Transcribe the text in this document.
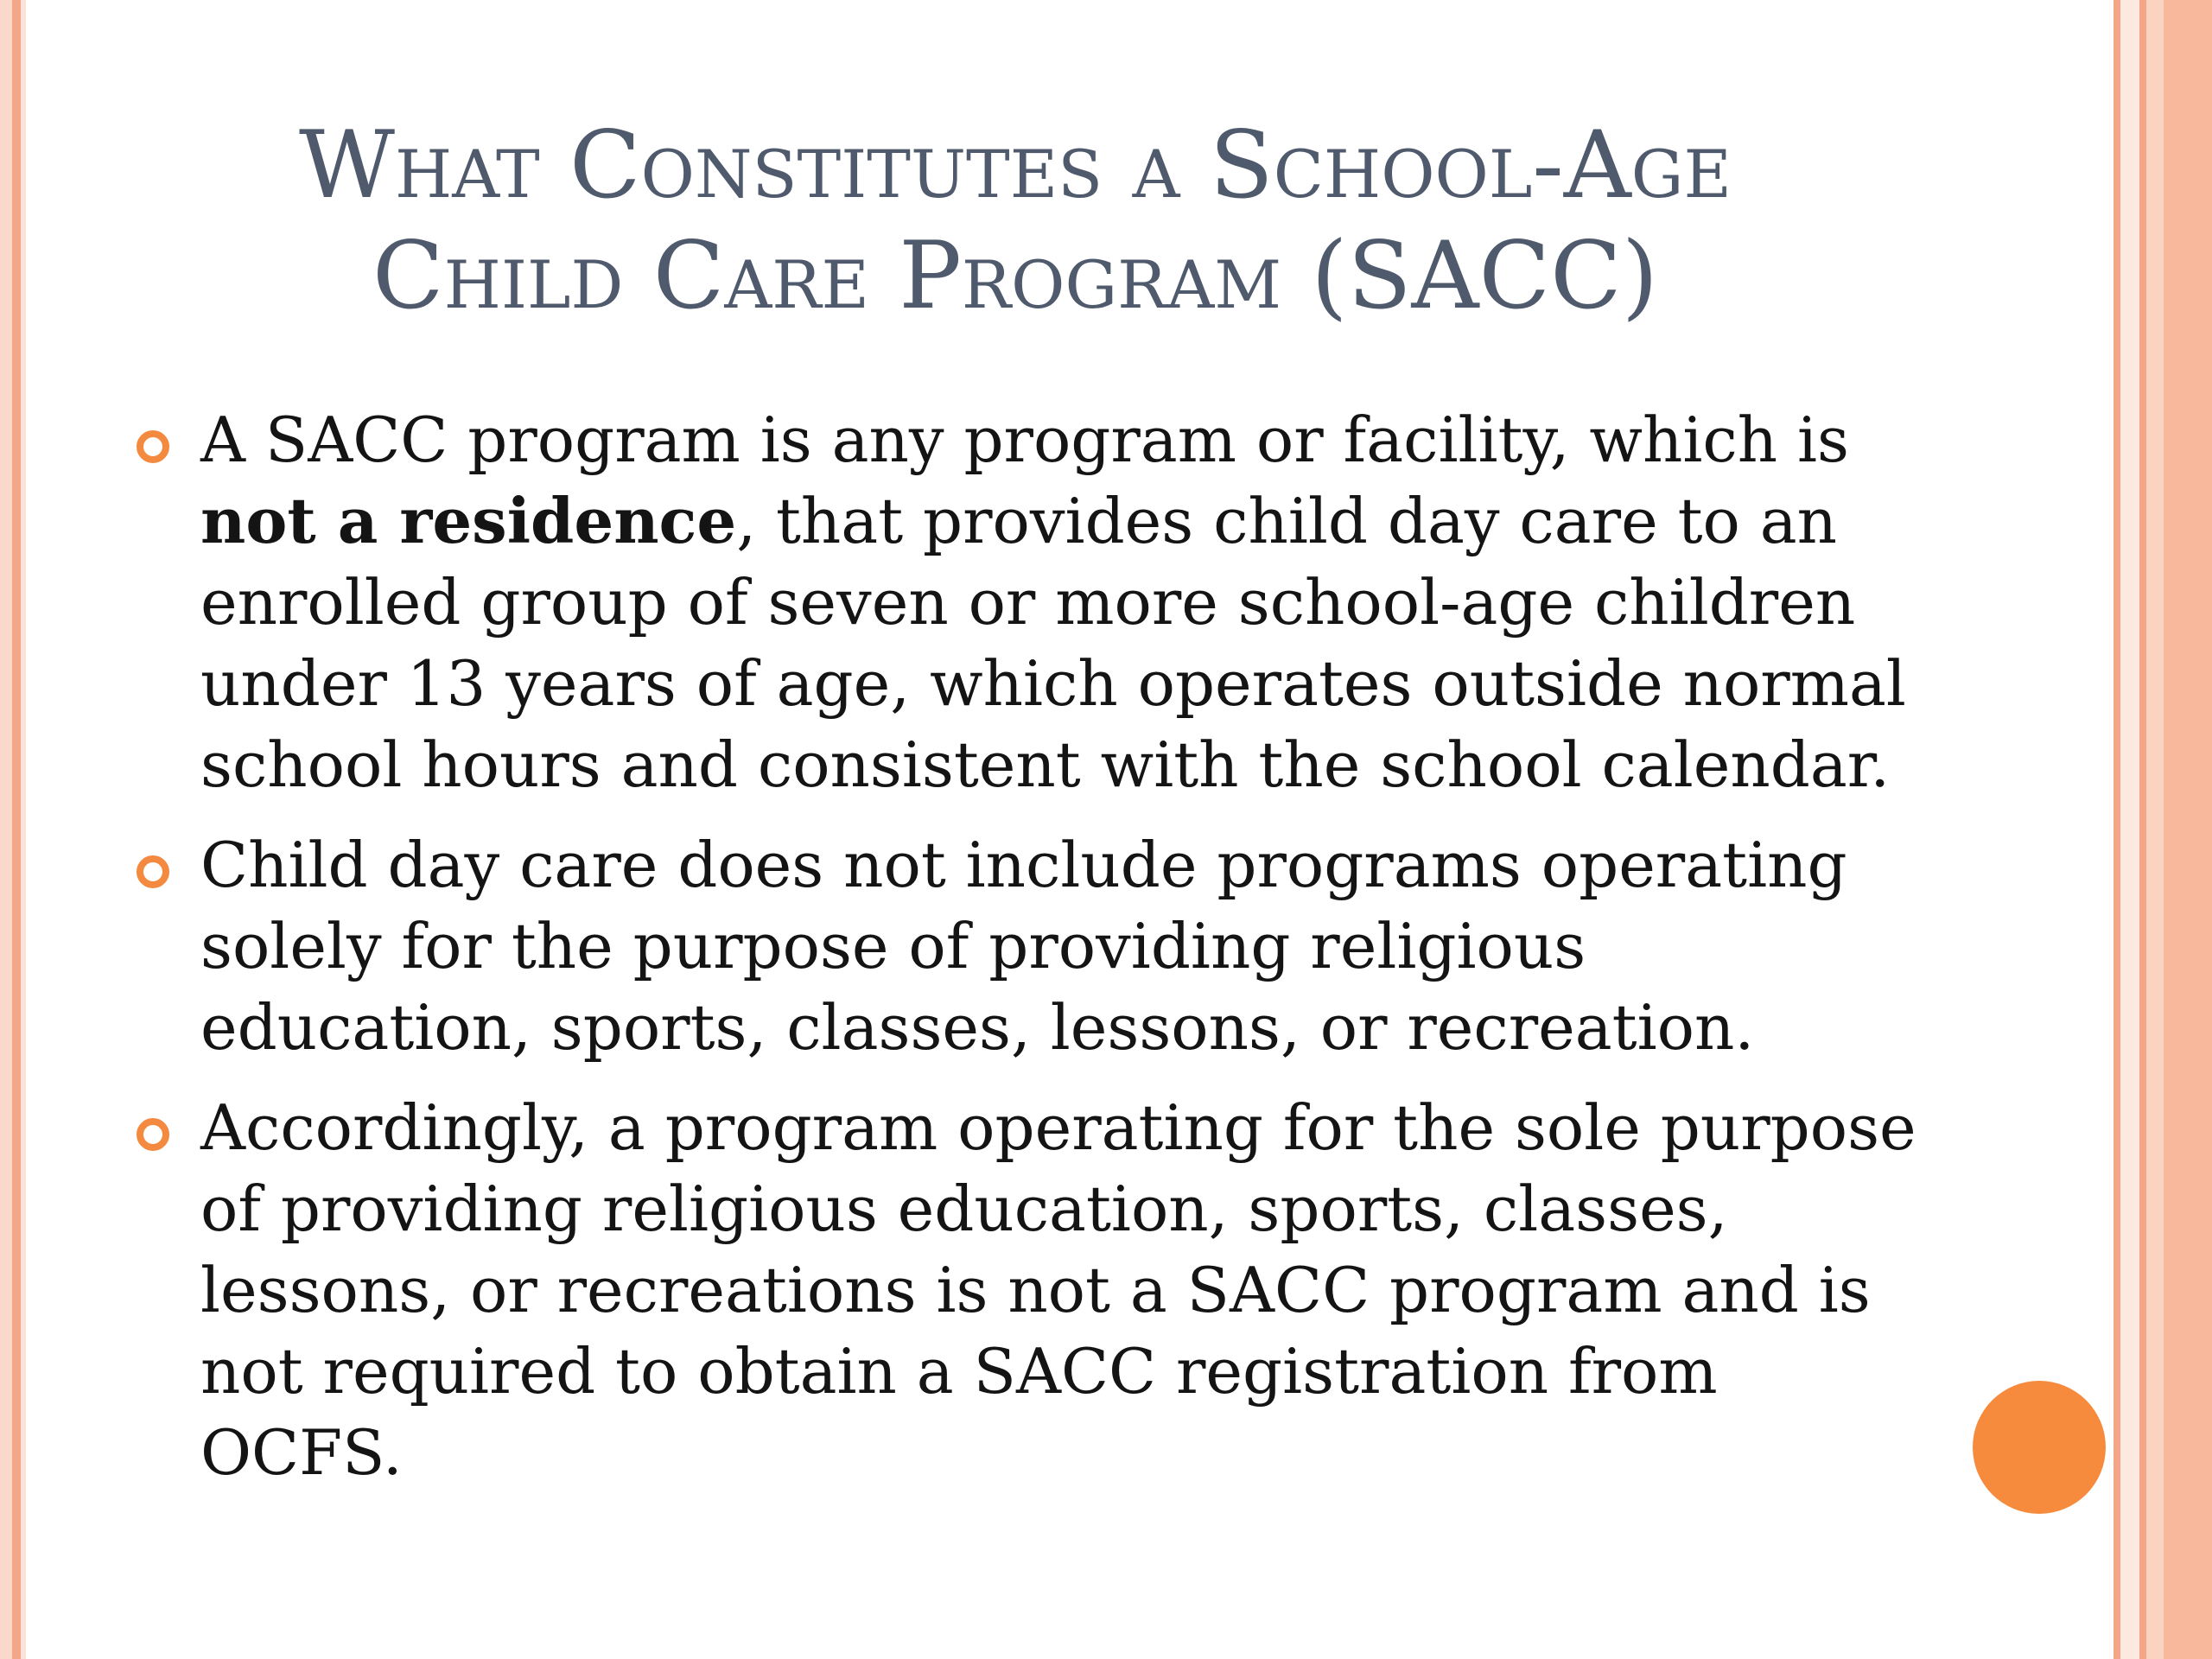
What Constitutes a School-Age
Child Care Program (SACC)
A SACC program is any program or facility, which is not a residence, that provides child day care to an enrolled group of seven or more school-age children under 13 years of age, which operates outside normal school hours and consistent with the school calendar.
Child day care does not include programs operating solely for the purpose of providing religious education, sports, classes, lessons, or recreation.
Accordingly, a program operating for the sole purpose of providing religious education, sports, classes, lessons, or recreations is not a SACC program and is not required to obtain a SACC registration from OCFS.
